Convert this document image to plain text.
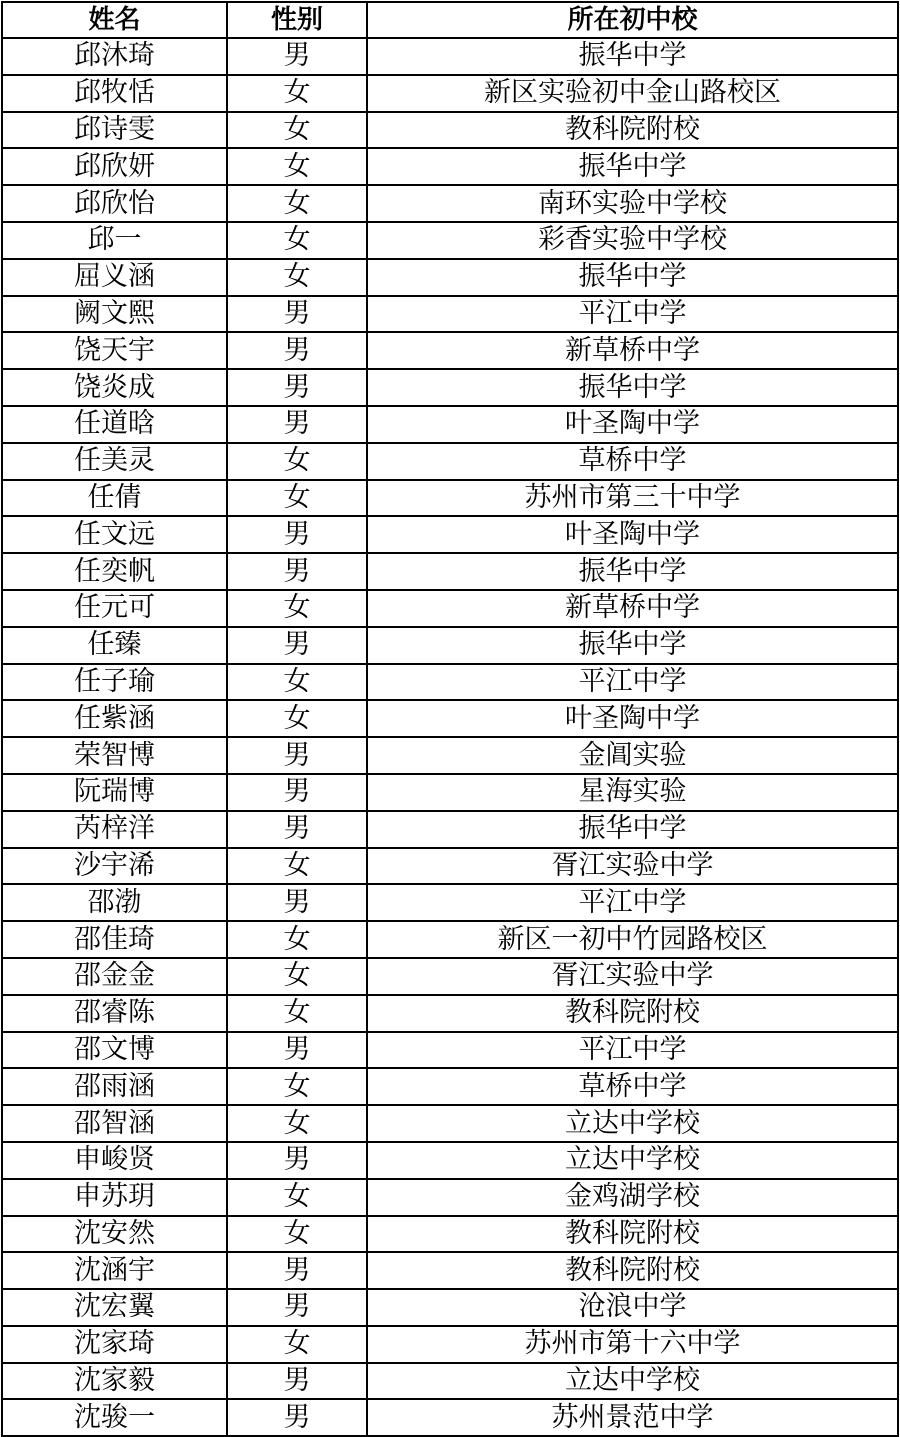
姓名	性别	所在初中校
邱沐琦	男	振华中学
邱牧恬	女	新区实验初中金山路校区
邱诗雯	女	教科院附校
邱欣妍	女	振华中学
邱欣怡	女	南环实验中学校
邱一	女	彩香实验中学校
屈义涵	女	振华中学
阙文熙	男	平江中学
饶天宇	男	新草桥中学
饶炎成	男	振华中学
任道晗	男	叶圣陶中学
任美灵	女	草桥中学
任倩	女	苏州市第三十中学
任文远	男	叶圣陶中学
任奕帆	男	振华中学
任元可	女	新草桥中学
任臻	男	振华中学
任子瑜	女	平江中学
任紫涵	女	叶圣陶中学
荣智博	男	金阊实验
阮瑞博	男	星海实验
芮梓洋	男	振华中学
沙宇浠	女	胥江实验中学
邵渤	男	平江中学
邵佳琦	女	新区一初中竹园路校区
邵金金	女	胥江实验中学
邵睿陈	女	教科院附校
邵文博	男	平江中学
邵雨涵	女	草桥中学
邵智涵	女	立达中学校
申峻贤	男	立达中学校
申苏玥	女	金鸡湖学校
沈安然	女	教科院附校
沈涵宇	男	教科院附校
沈宏翼	男	沧浪中学
沈家琦	女	苏州市第十六中学
沈家毅	男	立达中学校
沈骏一	男	苏州景范中学
